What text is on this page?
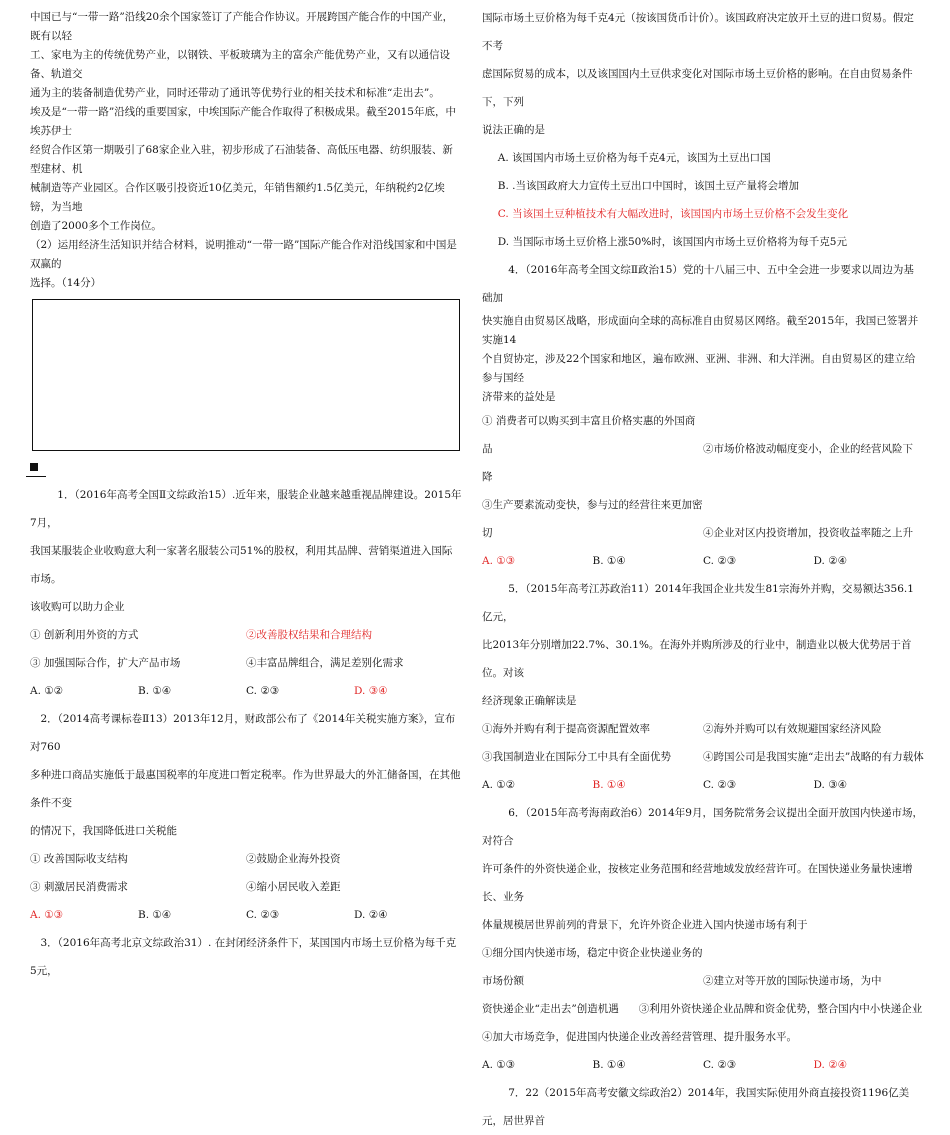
中国已与“一带一路”沿线20余个国家签订了产能合作协议。开展跨国产能合作的中国产业，既有以轻

工、家电为主的传统优势产业，以钢铁、平板玻璃为主的富余产能优势产业，又有以通信设备、轨道交

通为主的装备制造优势产业，同时还带动了通讯等优势行业的相关技术和标准“走出去”。

埃及是“一带一路”沿线的重要国家，中埃国际产能合作取得了积极成果。截至2015年底，中埃苏伊士

经贸合作区第一期吸引了68家企业入驻，初步形成了石油装备、高低压电器、纺织服装、新型建材、机

械制造等产业园区。合作区吸引投资近10亿美元，年销售额约1.5亿美元，年纳税约2亿埃镑，为当地

创造了2000多个工作岗位。

（2）运用经济生活知识并结合材料，说明推动“一带一路”国际产能合作对沿线国家和中国是双赢的

选择。（14分）

1．（2016年高考全国Ⅱ文综政治15）.近年来，服装企业越来越重视品牌建设。2015年7月，

我国某服装企业收购意大利一家著名服装公司51%的股权，利用其品牌、营销渠道进入国际市场。

该收购可以助力企业

① 创新利用外资的方式	②改善股权结果和合理结构
③ 加强国际合作，扩大产品市场	④丰富品牌组合，满足差别化需求
A. ①②	B. ①④	C. ②③	D. ③④

2．（2014高考课标卷Ⅱ13）2013年12月，财政部公布了《2014年关税实施方案》，宣布对760

多种进口商品实施低于最惠国税率的年度进口暂定税率。作为世界最大的外汇储备国，在其他条件不变

的情况下，我国降低进口关税能

① 改善国际收支结构	②鼓励企业海外投资
③ 刺激居民消费需求	④缩小居民收入差距
A. ①③	B. ①④	C. ②③	D. ②④

3．（2016年高考北京文综政治31）. 在封闭经济条件下，某国国内市场土豆价格为每千克5元，

国际市场土豆价格为每千克4元（按该国货币计价）。该国政府决定放开土豆的进口贸易。假定不考

虑国际贸易的成本，以及该国国内土豆供求变化对国际市场土豆价格的影响。在自由贸易条件下，下列

说法正确的是

A. 该国国内市场土豆价格为每千克4元，该国为土豆出口国

B. .当该国政府大力宣传土豆出口中国时，该国土豆产量将会增加

C. 当该国土豆种植技术有大幅改进时，该国国内市场土豆价格不会发生变化

D. 当国际市场土豆价格上涨50%时，该国国内市场土豆价格将为每千克5元

4．（2016年高考全国文综Ⅱ政治15）党的十八届三中、五中全会进一步要求以周边为基础加

快实施自由贸易区战略，形成面向全球的高标准自由贸易区网络。截至2015年，我国已签署并实施14

个自贸协定，涉及22个国家和地区，遍布欧洲、亚洲、非洲、和大洋洲。自由贸易区的建立给参与国经

济带来的益处是

① 消费者可以购买到丰富且价格实惠的外国商品	②市场价格波动幅度变小，企业的经营风险下

降

③生产要素流动变快，参与过的经营往来更加密切	④企业对区内投资增加，投资收益率随之上升
A. ①③	B. ①④	C. ②③	D. ②④

5．（2015年高考江苏政治11）2014年我国企业共发生81宗海外并购，交易额达356.1亿元，

比2013年分别增加22.7%、30.1%。在海外并购所涉及的行业中，制造业以极大优势居于首位。对该

经济现象正确解读是

①海外并购有利于提高资源配置效率	②海外并购可以有效规避国家经济风险
③我国制造业在国际分工中具有全面优势	④跨国公司是我国实施“走出去”战略的有力载体
A. ①②	B. ①④	C. ②③	D. ③④

6．（2015年高考海南政治6）2014年9月，国务院常务会议提出全面开放国内快递市场，对符合

许可条件的外资快递企业，按核定业务范围和经营地域发放经营许可。在国快递业务量快速增长、业务

体量规模居世界前列的背景下，允许外资企业进入国内快递市场有利于

①细分国内快递市场，稳定中资企业快递业务的市场份额	②建立对等开放的国际快递市场，为中
资快递企业“走出去”创造机遇 ③利用外资快递企业品牌和资金优势，整合国内中小快递企业

④加大市场竞争，促进国内快递企业改善经营管理、提升服务水平。

A. ①③	B. ①④	C. ②③	D. ②④

7．22（2015年高考安徽文综政治2）2014年，我国实际使用外商直接投资1196亿美元，居世界首
